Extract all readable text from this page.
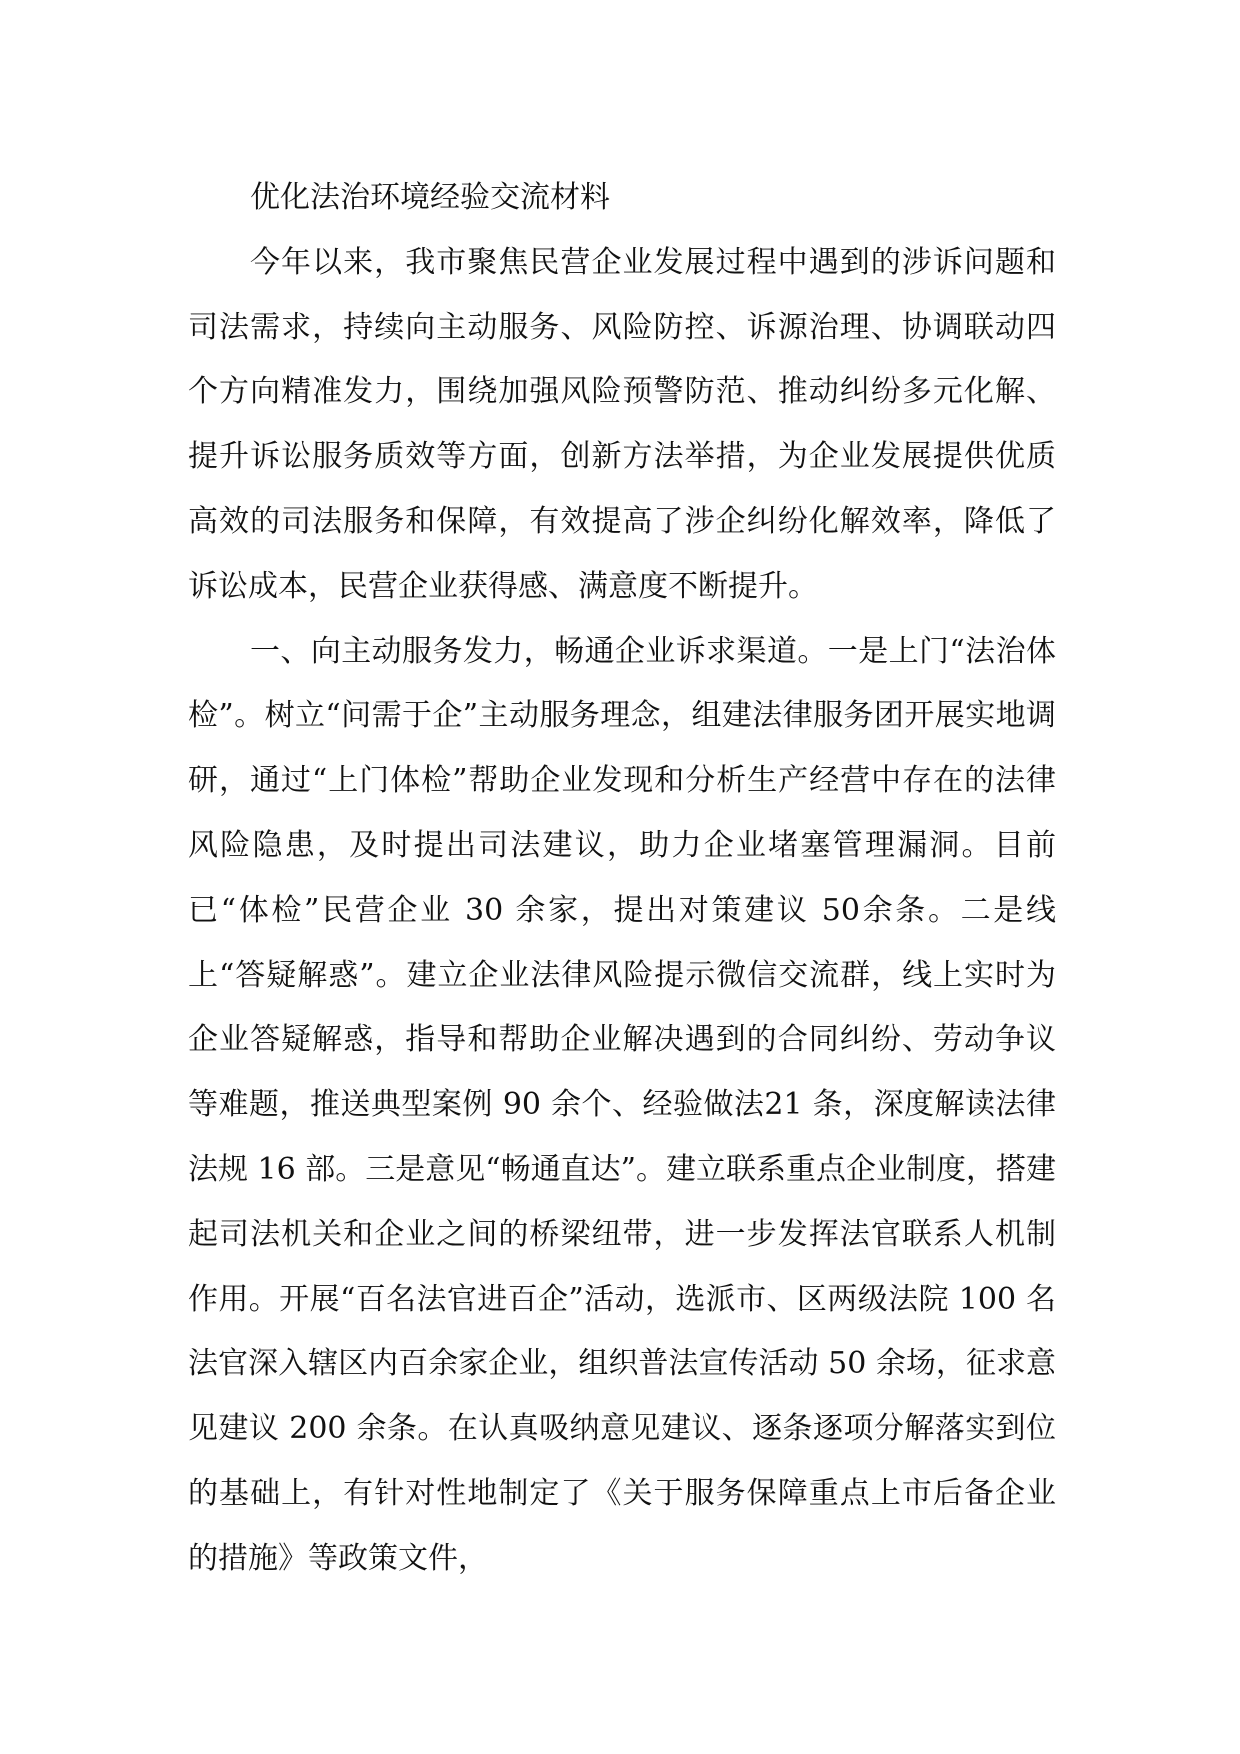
优化法治环境经验交流材料

今年以来，我市聚焦民营企业发展过程中遇到的涉诉问题和司法需求，持续向主动服务、风险防控、诉源治理、协调联动四个方向精准发力，围绕加强风险预警防范、推动纠纷多元化解、提升诉讼服务质效等方面，创新方法举措，为企业发展提供优质高效的司法服务和保障，有效提高了涉企纠纷化解效率，降低了诉讼成本，民营企业获得感、满意度不断提升。

一、向主动服务发力，畅通企业诉求渠道。一是上门“法治体检”。树立“问需于企”主动服务理念，组建法律服务团开展实地调研，通过“上门体检”帮助企业发现和分析生产经营中存在的法律风险隐患，及时提出司法建议，助力企业堵塞管理漏洞。目前已“体检”民营企业 30 余家，提出对策建议 50余条。二是线上“答疑解惑”。建立企业法律风险提示微信交流群，线上实时为企业答疑解惑，指导和帮助企业解决遇到的合同纠纷、劳动争议等难题，推送典型案例 90 余个、经验做法21 条，深度解读法律法规 16 部。三是意见“畅通直达”。建立联系重点企业制度，搭建起司法机关和企业之间的桥梁纽带，进一步发挥法官联系人机制作用。开展“百名法官进百企”活动，选派市、区两级法院 100 名法官深入辖区内百余家企业，组织普法宣传活动 50 余场，征求意见建议 200 余条。在认真吸纳意见建议、逐条逐项分解落实到位的基础上，有针对性地制定了《关于服务保障重点上市后备企业的措施》等政策文件，
